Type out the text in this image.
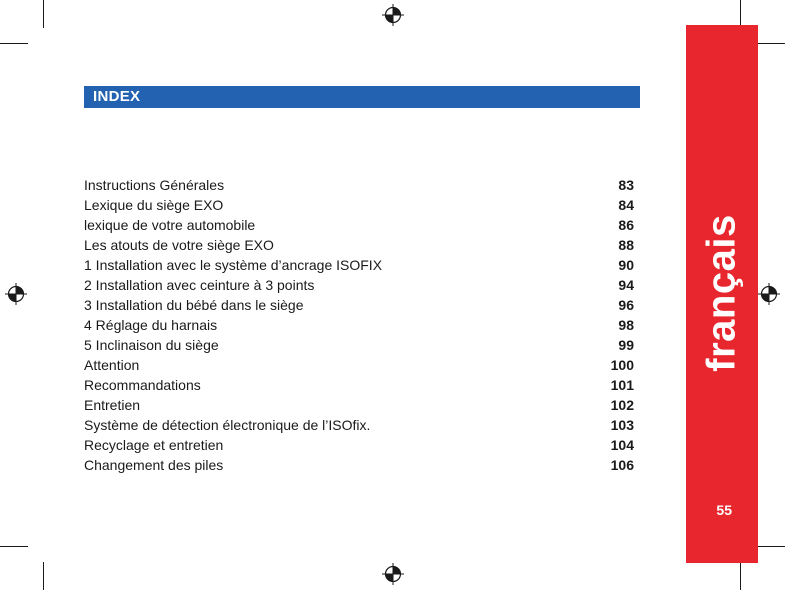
INDEX
Instructions Générales	83
Lexique du siège EXO	84
lexique de votre automobile	86
Les atouts de votre siège EXO	88
1 Installation avec le système d’ancrage ISOFIX	90
2 Installation avec ceinture à 3 points	94
3 Installation du bébé dans le siège	96
4 Réglage du harnais	98
5 Inclinaison du siège	99
Attention	100
Recommandations	101
Entretien	102
Système de détection électronique de l’ISOfix.	103
Recyclage et entretien	104
Changement des piles	106
français
55
